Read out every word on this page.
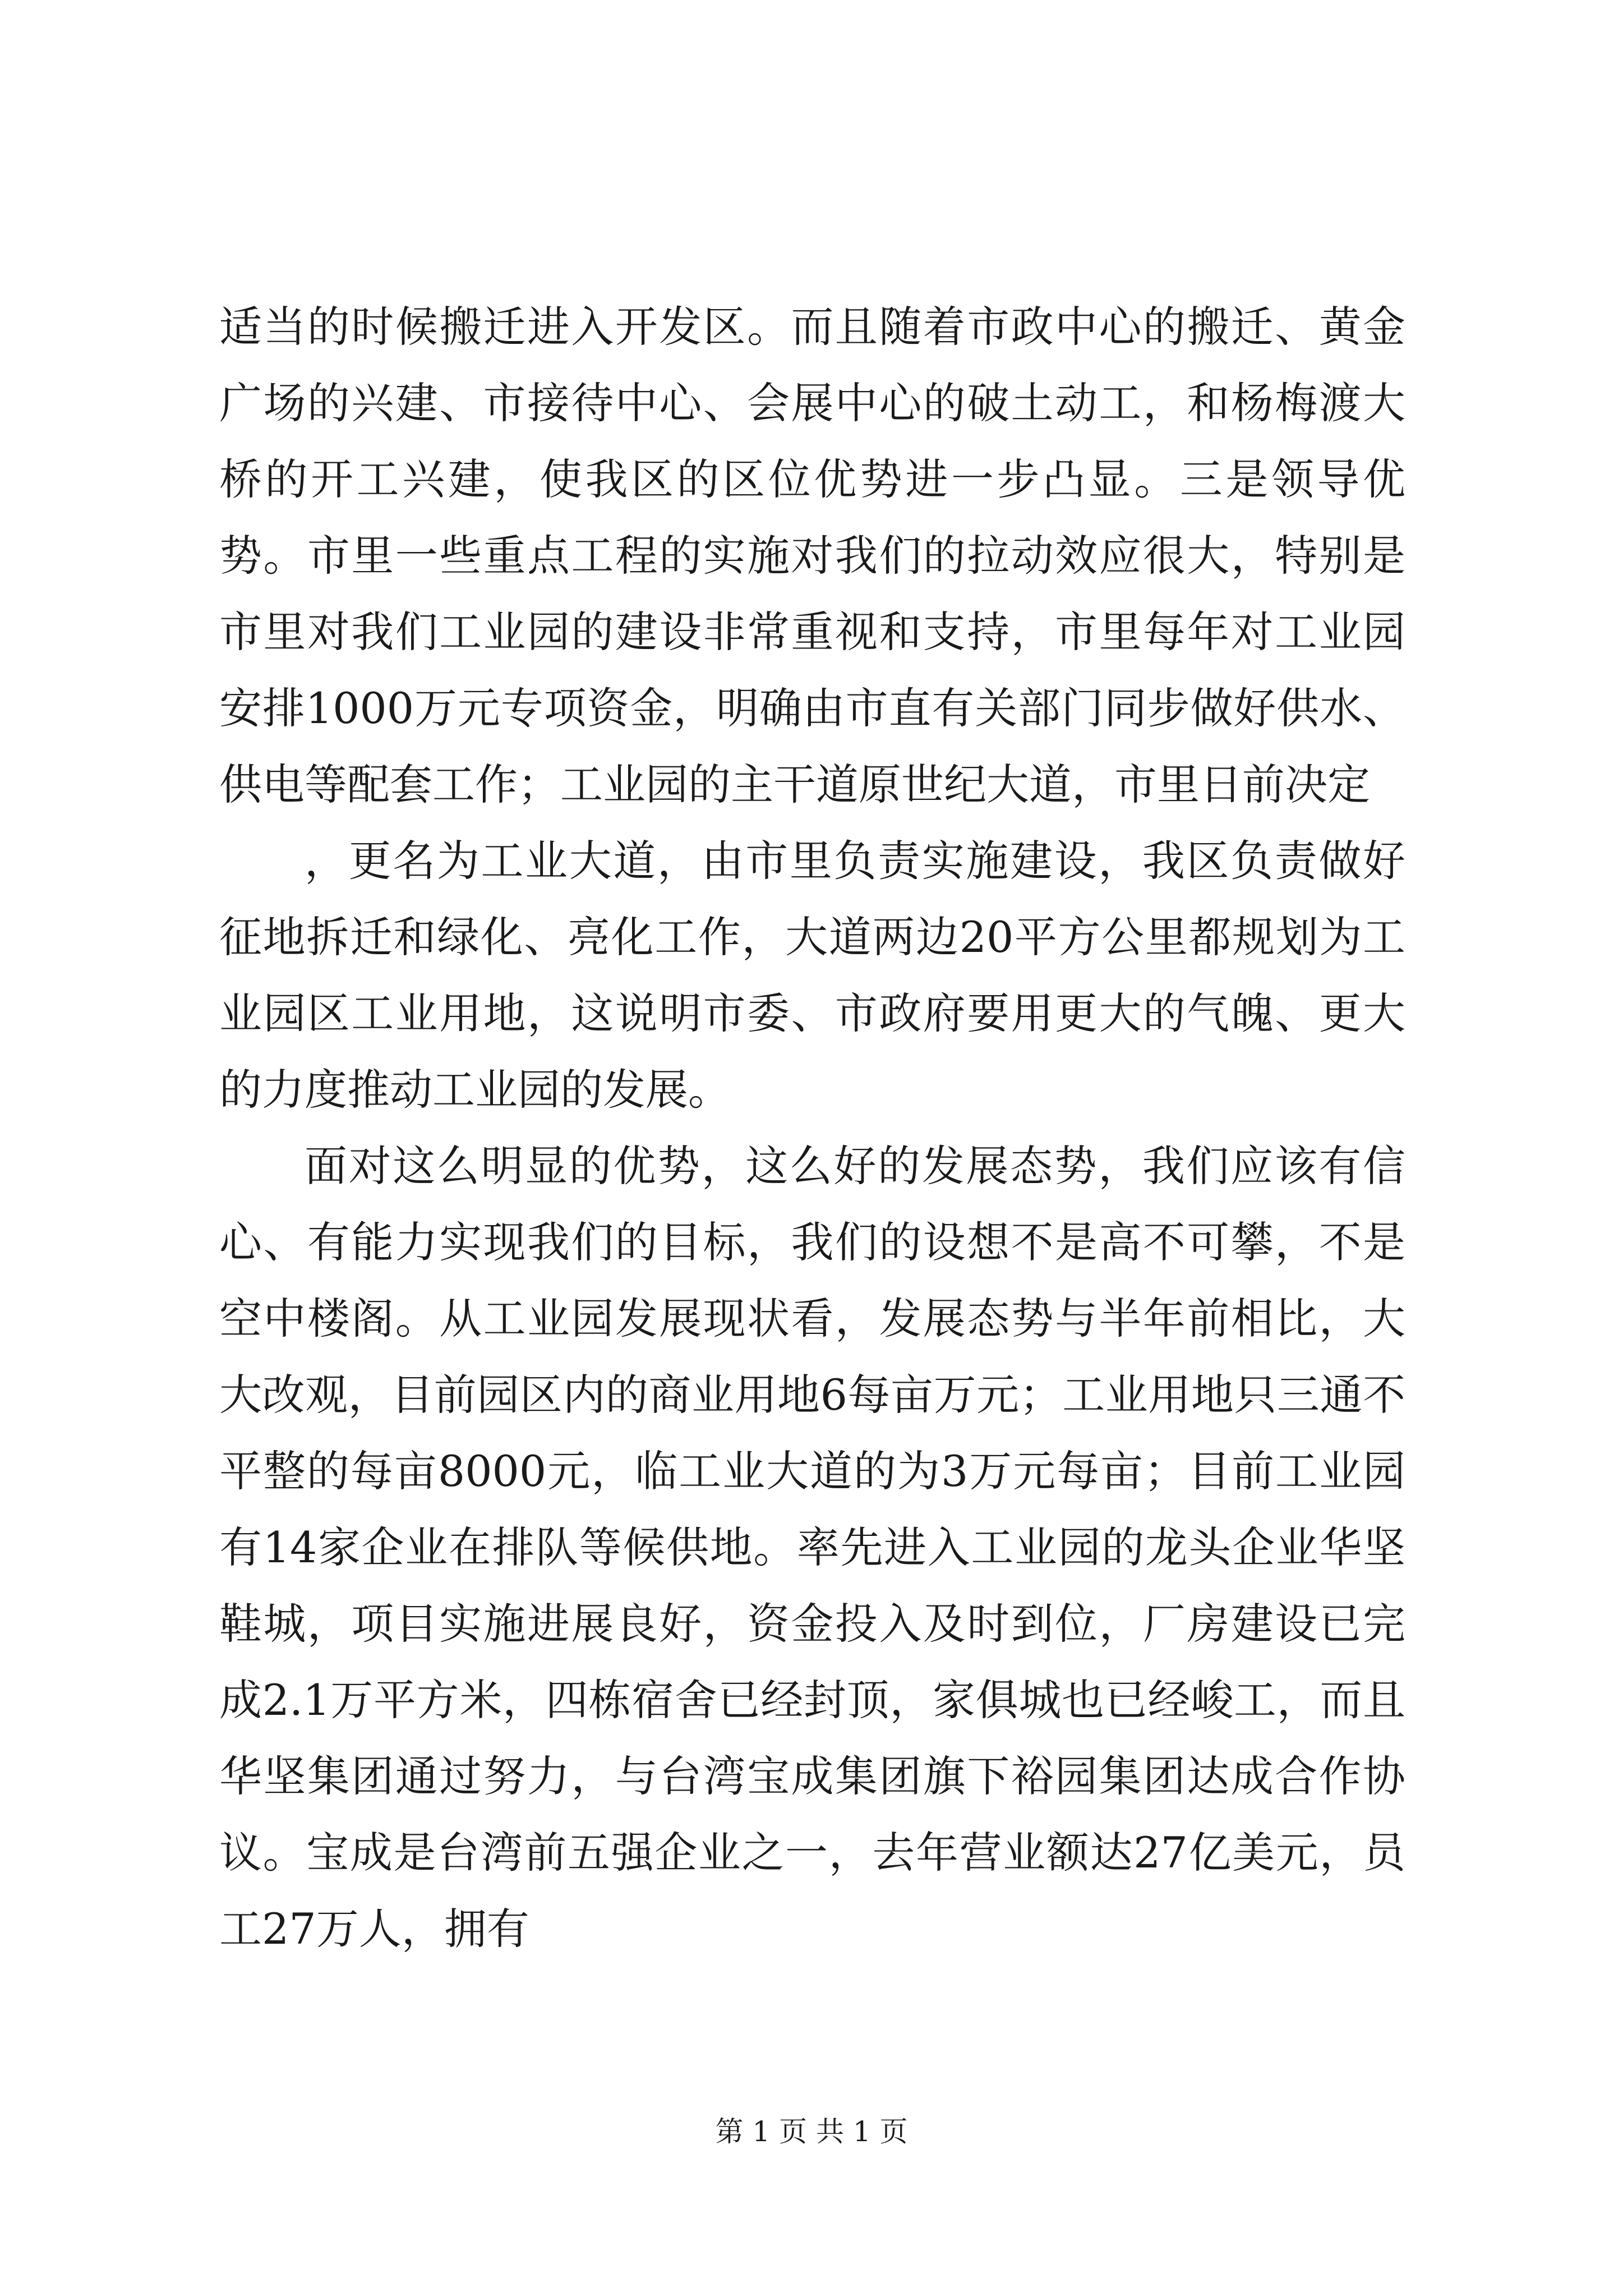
适当的时候搬迁进入开发区。而且随着市政中心的搬迁、黄金广场的兴建、市接待中心、会展中心的破土动工，和杨梅渡大桥的开工兴建，使我区的区位优势进一步凸显。三是领导优势。市里一些重点工程的实施对我们的拉动效应很大，特别是市里对我们工业园的建设非常重视和支持，市里每年对工业园安排1000万元专项资金，明确由市直有关部门同步做好供水、供电等配套工作；工业园的主干道原世纪大道，市里日前决定

，更名为工业大道，由市里负责实施建设，我区负责做好征地拆迁和绿化、亮化工作，大道两边20平方公里都规划为工业园区工业用地，这说明市委、市政府要用更大的气魄、更大的力度推动工业园的发展。

面对这么明显的优势，这么好的发展态势，我们应该有信心、有能力实现我们的目标，我们的设想不是高不可攀，不是空中楼阁。从工业园发展现状看，发展态势与半年前相比，大大改观，目前园区内的商业用地6每亩万元；工业用地只三通不平整的每亩8000元，临工业大道的为3万元每亩；目前工业园有14家企业在排队等候供地。率先进入工业园的龙头企业华坚鞋城，项目实施进展良好，资金投入及时到位，厂房建设已完成2.1万平方米，四栋宿舍已经封顶，家俱城也已经峻工，而且华坚集团通过努力，与台湾宝成集团旗下裕园集团达成合作协议。宝成是台湾前五强企业之一，去年营业额达27亿美元，员工27万人，拥有

第 1 页 共 1 页
